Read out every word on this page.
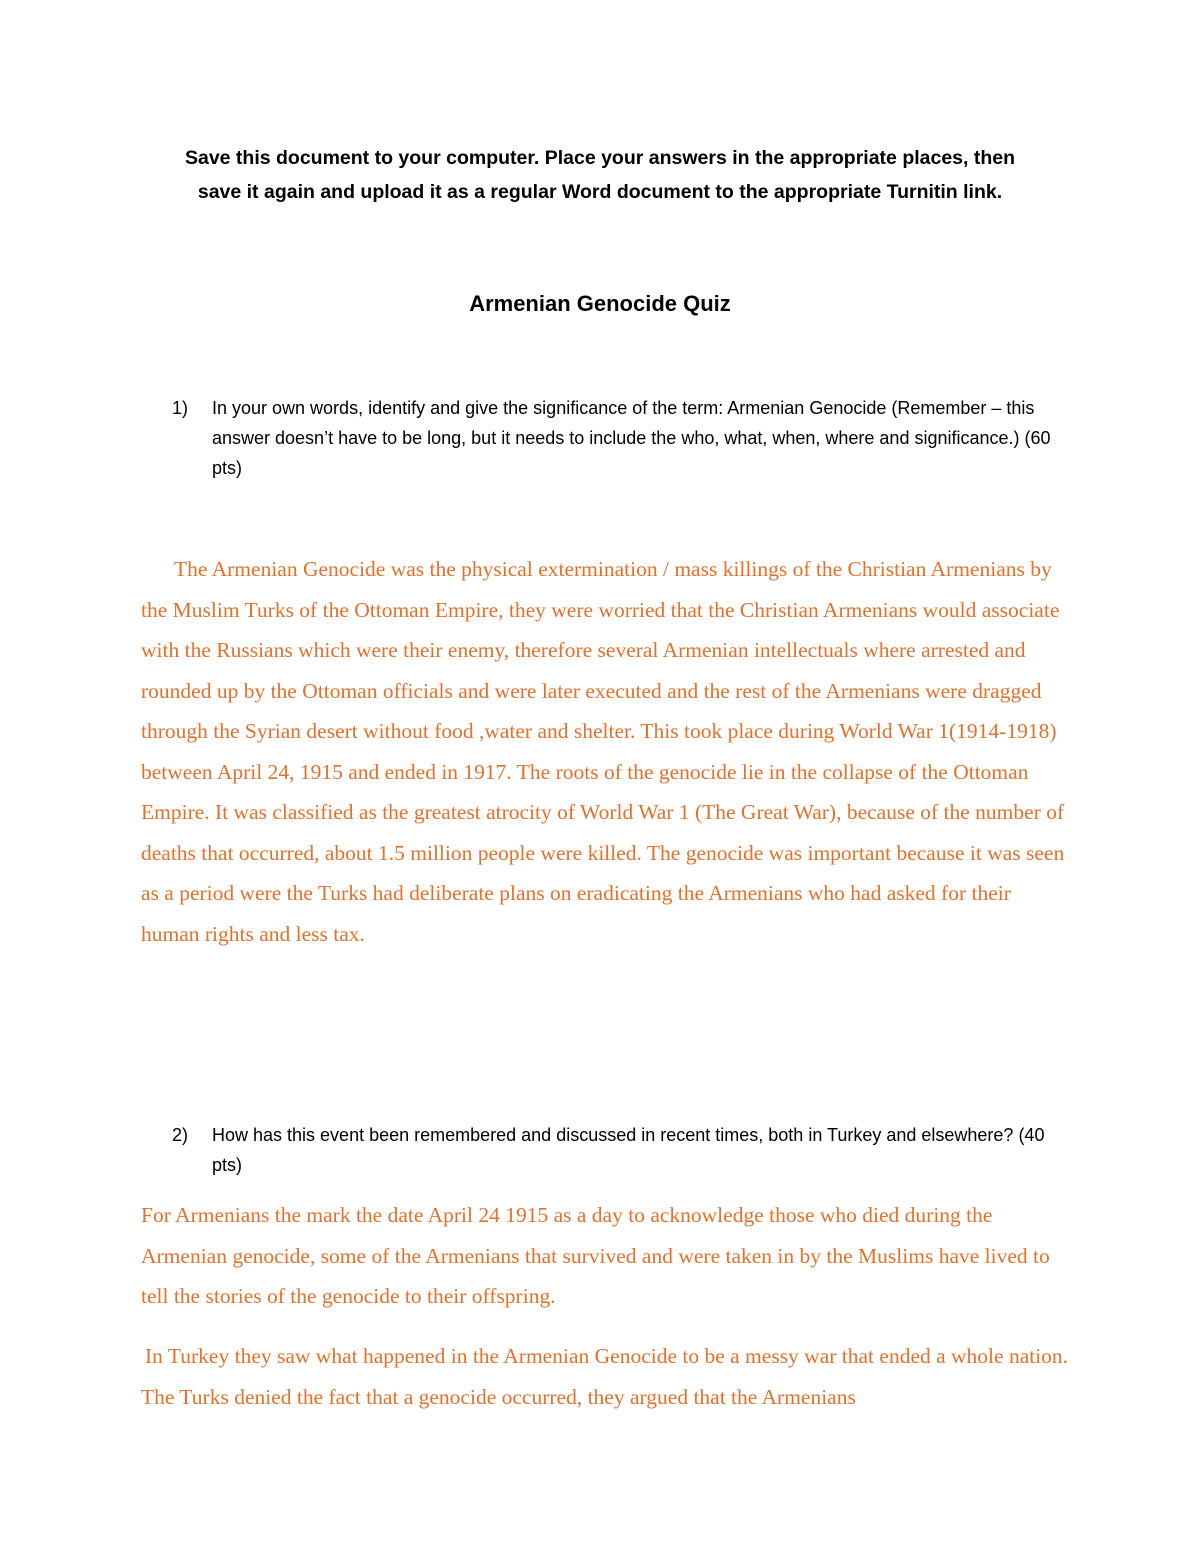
Save this document to your computer. Place your answers in the appropriate places, then

save it again and upload it as a regular Word document to the appropriate Turnitin link.

Armenian Genocide Quiz
1) In your own words, identify and give the significance of the term: Armenian Genocide (Remember – this answer doesn’t have to be long, but it needs to include the who, what, when, where and significance.) (60 pts)

The Armenian Genocide was the physical extermination / mass killings of the Christian Armenians by the Muslim Turks of the Ottoman Empire, they were worried that the Christian Armenians would associate with the Russians which were their enemy, therefore several Armenian intellectuals where arrested and rounded up by the Ottoman officials and were later executed and the rest of the Armenians were dragged through the Syrian desert without food ,water and shelter. This took place during World War 1(1914-1918) between April 24, 1915 and ended in 1917. The roots of the genocide lie in the collapse of the Ottoman Empire. It was classified as the greatest atrocity of World War 1 (The Great War), because of the number of deaths that occurred, about 1.5 million people were killed. The genocide was important because it was seen as a period were the Turks had deliberate plans on eradicating the Armenians who had asked for their human rights and less tax.

2) How has this event been remembered and discussed in recent times, both in Turkey and elsewhere? (40 pts)

For Armenians the mark the date April 24 1915 as a day to acknowledge those who died during the Armenian genocide, some of the Armenians that survived and were taken in by the Muslims have lived to tell the stories of the genocide to their offspring.

In Turkey they saw what happened in the Armenian Genocide to be a messy war that ended a whole nation. The Turks denied the fact that a genocide occurred, they argued that the Armenians
